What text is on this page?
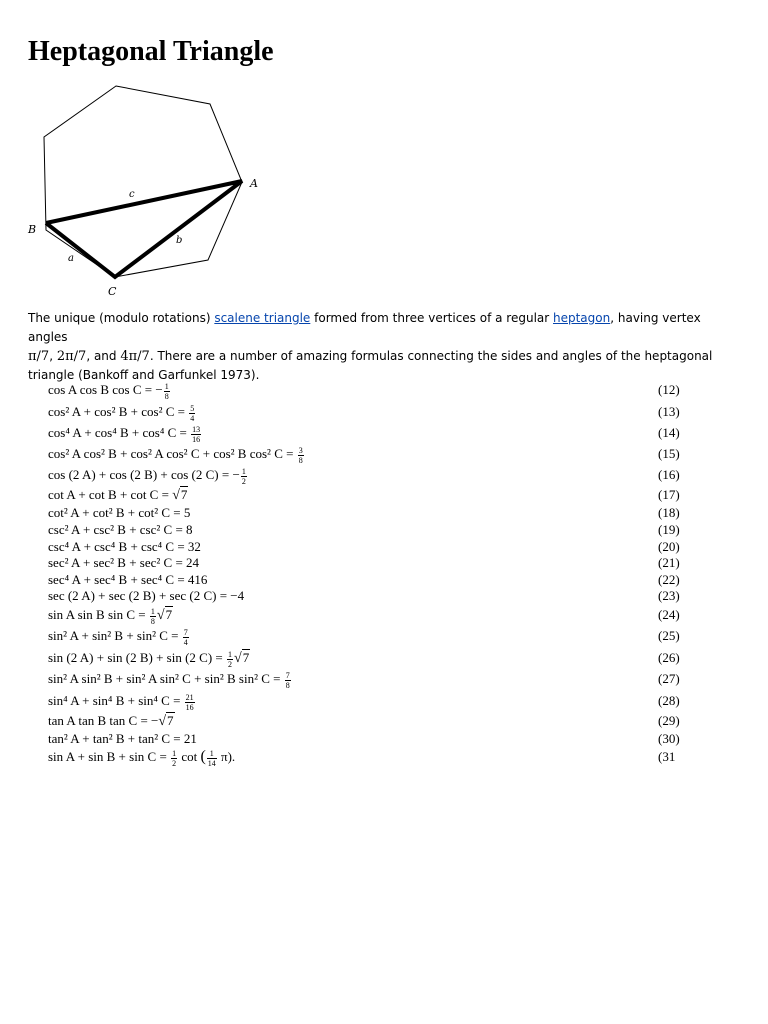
Heptagonal Triangle
A
B
C
a
b
c

The unique (modulo rotations) scalene triangle formed from three vertices of a regular heptagon, having vertex angles
π/7, 2π/7, and 4π/7. There are a number of amazing formulas connecting the sides and angles of the heptagonal triangle (Bankoff and Garfunkel 1973).

cos A cos B cos C = − $\frac{1}{8}$	(12)
cos² A + cos² B + cos² $C = \frac{5}{4}$	(13)
cos⁴ A + cos⁴ B + cos⁴ $C = \frac{13}{16}$	(14)
cos² A cos² B + cos² A cos² C + cos² B cos² $C = \frac{3}{8}$	(15)
cos (2 A) + cos (2 B) + cos (2 C) = − $\frac{1}{2}$	(16)
cot A + cot B + cot C = √7	(17)
cot² A + cot² B + cot² C = 5	(18)
csc² A + csc² B + csc² C = 8	(19)
csc⁴ A + csc⁴ B + csc⁴ C = 32	(20)
sec² A + sec² B + sec² C = 24	(21)
sec⁴ A + sec⁴ B + sec⁴ C = 416	(22)
sec (2 A) + sec (2 B) + sec (2 C) = −4	(23)
sin A sin B $\sin C = \frac{1}{8} √7$	(24)
sin² A + sin² B + sin² $C = \frac{7}{4}$	(25)
sin (2 A) + sin (2 B) + sin (2 $C) = \frac{1}{2} √7$	(26)
sin² A sin² B + sin² A sin² C + sin² B sin² $C = \frac{7}{8}$	(27)
sin⁴ A + sin⁴ B + sin⁴ $C = \frac{21}{16}$	(28)
tan A tan B tan C = −√7	(29)
tan² A + tan² B + tan² C = 21	(30)
$\sin A + \sin B + \sin C = \frac{1}{2}$ cot ( $\frac{1}{14} \pi$).	(31
